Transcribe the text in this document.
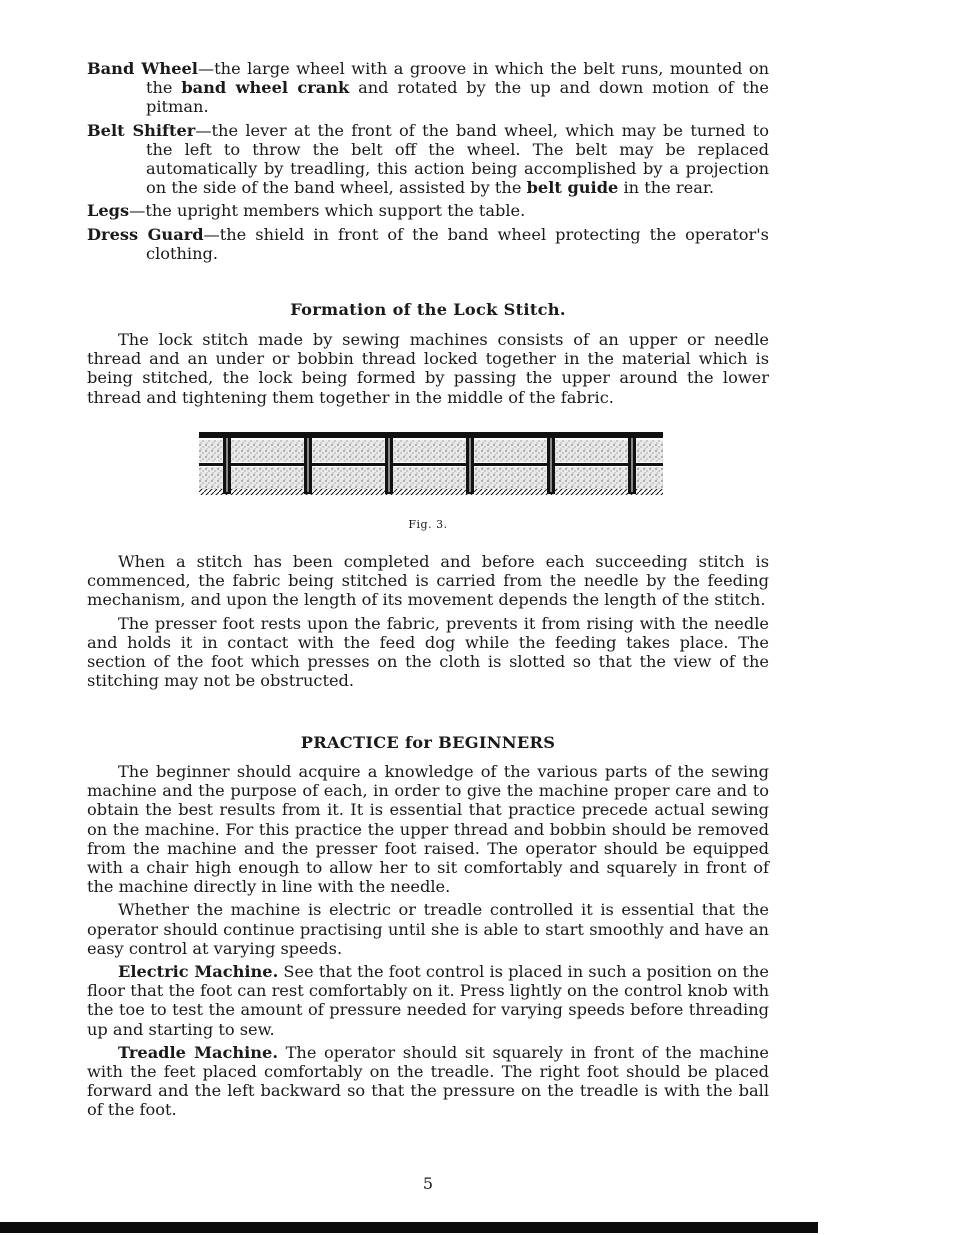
Band Wheel—the large wheel with a groove in which the belt runs, mounted on the band wheel crank and rotated by the up and down motion of the pitman.

Belt Shifter—the lever at the front of the band wheel, which may be turned to the left to throw the belt off the wheel. The belt may be replaced automatically by treadling, this action being accomplished by a projection on the side of the band wheel, assisted by the belt guide in the rear.

Legs—the upright members which support the table.

Dress Guard—the shield in front of the band wheel protecting the operator's clothing.

Formation of the Lock Stitch.

The lock stitch made by sewing machines consists of an upper or needle thread and an under or bobbin thread locked together in the material which is being stitched, the lock being formed by passing the upper around the lower thread and tightening them together in the middle of the fabric.

Fig. 3.

When a stitch has been completed and before each succeeding stitch is commenced, the fabric being stitched is carried from the needle by the feeding mechanism, and upon the length of its movement depends the length of the stitch.

The presser foot rests upon the fabric, prevents it from rising with the needle and holds it in contact with the feed dog while the feeding takes place. The section of the foot which presses on the cloth is slotted so that the view of the stitching may not be obstructed.

PRACTICE for BEGINNERS

The beginner should acquire a knowledge of the various parts of the sewing machine and the purpose of each, in order to give the machine proper care and to obtain the best results from it. It is essential that practice precede actual sewing on the machine. For this practice the upper thread and bobbin should be removed from the machine and the presser foot raised. The operator should be equipped with a chair high enough to allow her to sit comfortably and squarely in front of the machine directly in line with the needle.

Whether the machine is electric or treadle controlled it is essential that the operator should continue practising until she is able to start smoothly and have an easy control at varying speeds.

Electric Machine. See that the foot control is placed in such a position on the floor that the foot can rest comfortably on it. Press lightly on the control knob with the toe to test the amount of pressure needed for varying speeds before threading up and starting to sew.

Treadle Machine. The operator should sit squarely in front of the machine with the feet placed comfortably on the treadle. The right foot should be placed forward and the left backward so that the pressure on the treadle is with the ball of the foot.

5
